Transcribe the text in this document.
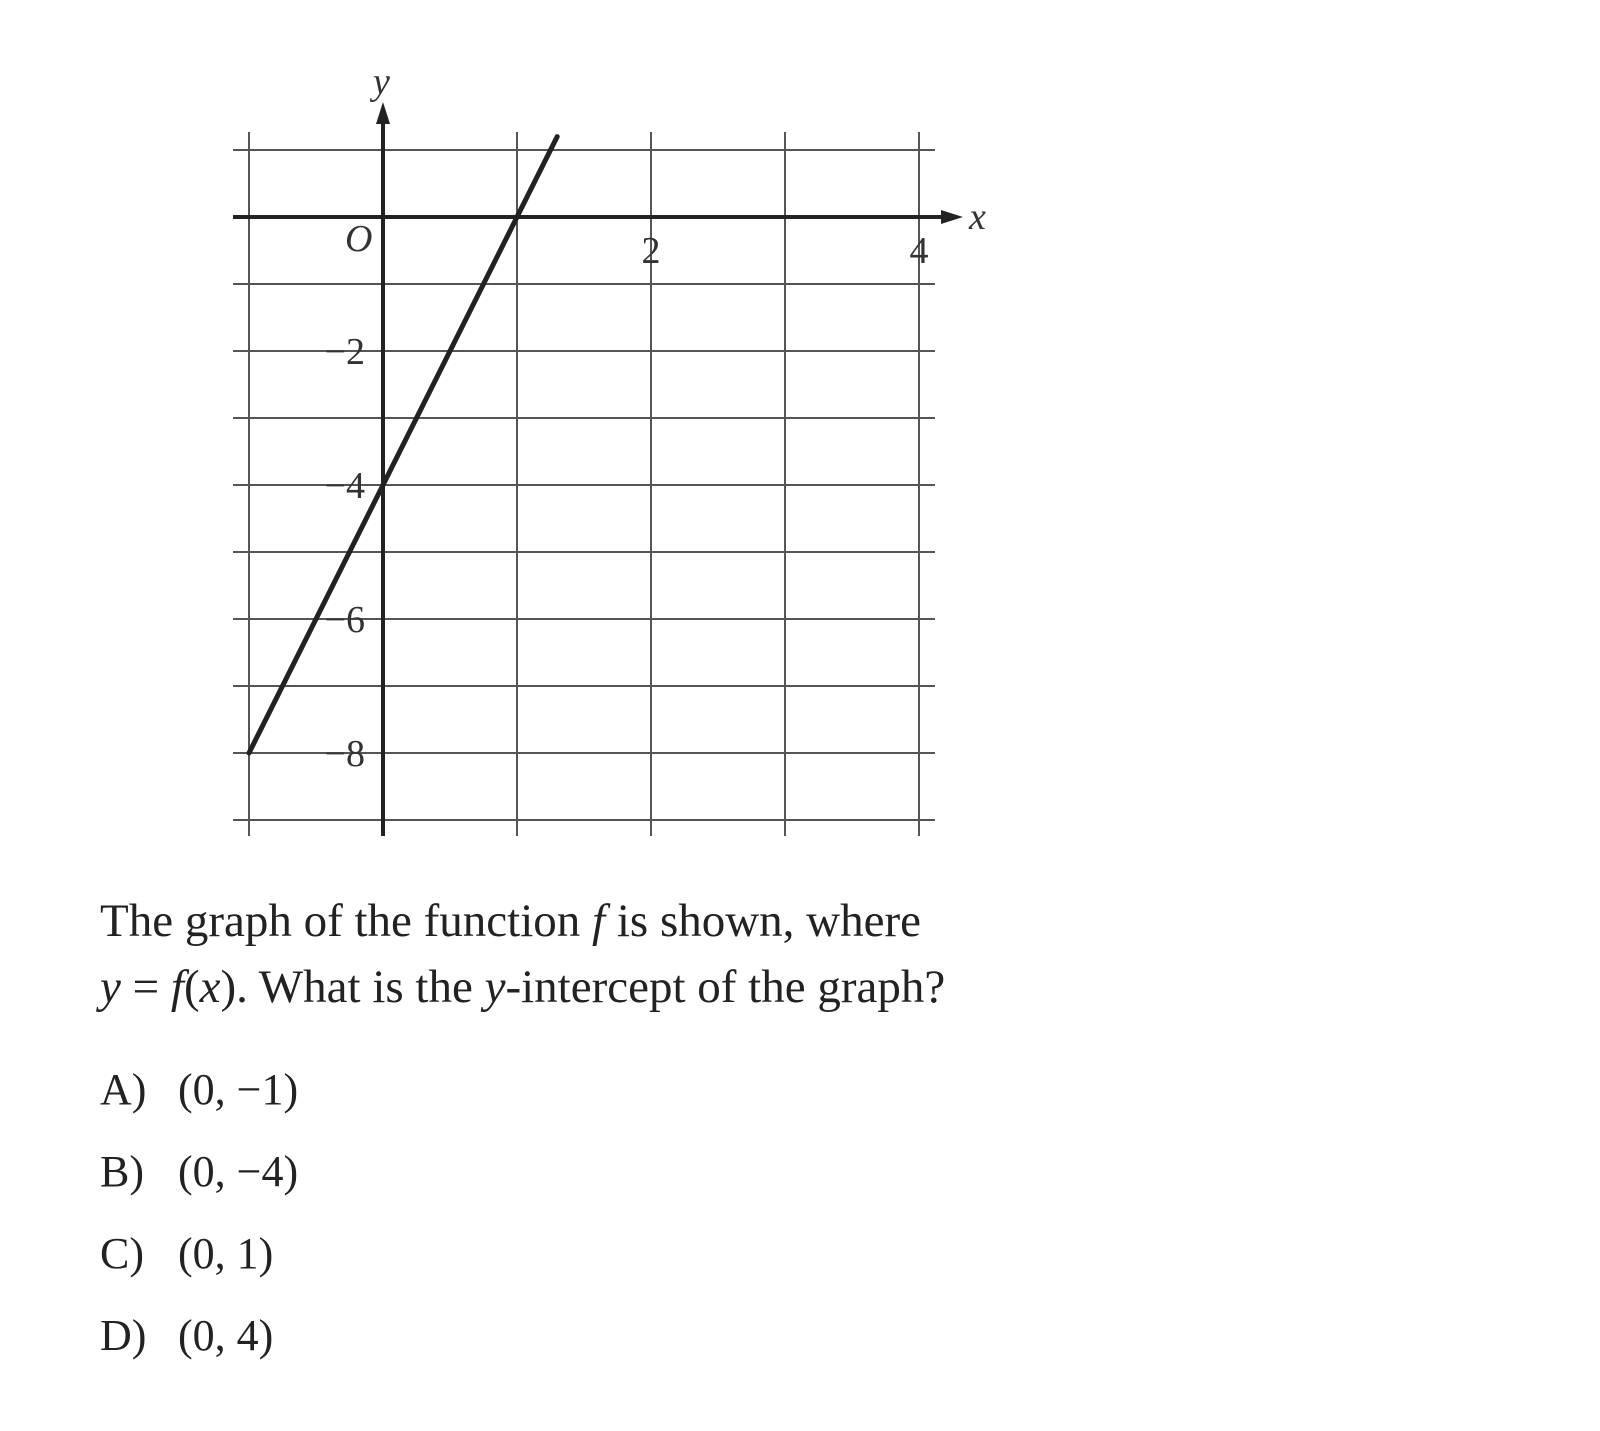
x
y
O	2	4
−2
−4
−6
−8
The graph of the function f is shown, where
y = f(x). What is the y-intercept of the graph?
A) (0, −1)
B) (0, −4)
C) (0, 1)
D) (0, 4)
